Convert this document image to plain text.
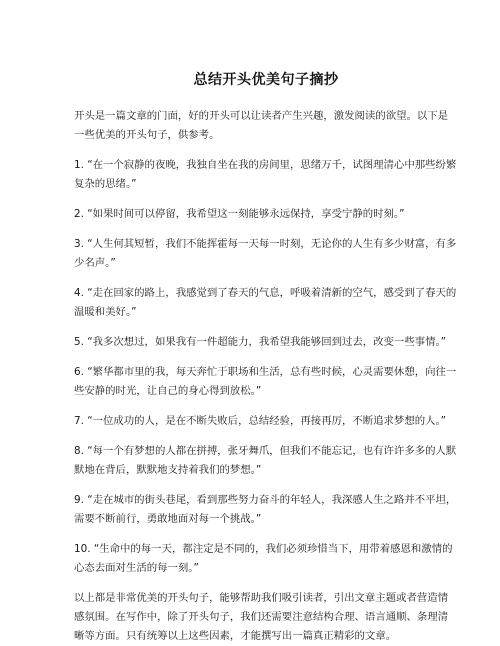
总结开头优美句子摘抄

开头是一篇文章的门面，好的开头可以让读者产生兴趣，激发阅读的欲望。以下是一些优美的开头句子，供参考。

1. “在一个寂静的夜晚，我独自坐在我的房间里，思绪万千，试图理清心中那些纷繁复杂的思绪。”
2. “如果时间可以停留，我希望这一刻能够永远保持，享受宁静的时刻。”
3. “人生何其短暂，我们不能挥霍每一天每一时刻，无论你的人生有多少财富，有多少名声。”
4. “走在回家的路上，我感觉到了春天的气息，呼吸着清新的空气，感受到了春天的温暖和美好。”
5. “我多次想过，如果我有一件超能力，我希望我能够回到过去，改变一些事情。”
6. “繁华都市里的我，每天奔忙于职场和生活，总有些时候，心灵需要休憩，向往一些安静的时光，让自己的身心得到放松。”
7. “一位成功的人，是在不断失败后，总结经验，再接再厉，不断追求梦想的人。”
8. “每一个有梦想的人都在拼搏，张牙舞爪，但我们不能忘记，也有许许多多的人默默地在背后，默默地支持着我们的梦想。”
9. “走在城市的街头巷尾，看到那些努力奋斗的年轻人，我深感人生之路并不平坦，需要不断前行，勇敢地面对每一个挑战。”
10. “生命中的每一天，都注定是不同的，我们必须珍惜当下，用带着感恩和激情的心态去面对生活的每一刻。”

以上都是非常优美的开头句子，能够帮助我们吸引读者，引出文章主题或者营造情感氛围。在写作中，除了开头句子，我们还需要注意结构合理、语言通顺、条理清晰等方面。只有统筹以上这些因素，才能撰写出一篇真正精彩的文章。
